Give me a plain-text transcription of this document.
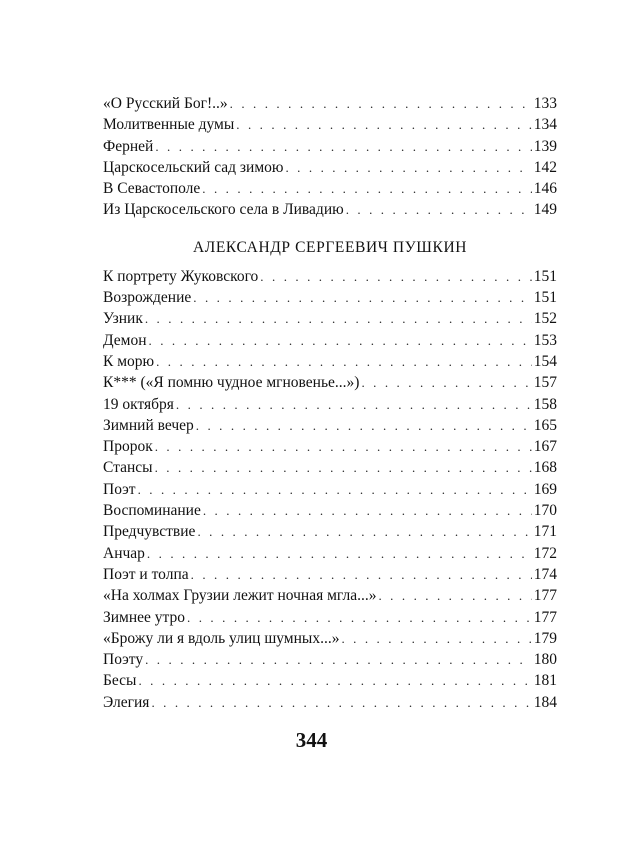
«О Русский Бог!..» . . .	133
Молитвенные думы . . .	134
Ферней . . .	139
Царскосельский сад зимою . . .	142
В Севастополе . . .	146
Из Царскосельского села в Ливадию . . .	149
АЛЕКСАНДР СЕРГЕЕВИЧ ПУШКИН
К портрету Жуковского . . .	151
Возрождение . . .	151
Узник . . .	152
Демон . . .	153
К морю . . .	154
К*** («Я помню чудное мгновенье...») . . .	157
19 октября . . .	158
Зимний вечер . . .	165
Пророк . . .	167
Стансы . . .	168
Поэт . . .	169
Воспоминание . . .	170
Предчувствие . . .	171
Анчар . . .	172
Поэт и толпа . . .	174
«На холмах Грузии лежит ночная мгла...» . . .	177
Зимнее утро . . .	177
«Брожу ли я вдоль улиц шумных...» . . .	179
Поэту . . .	180
Бесы . . .	181
Элегия . . .	184
344
